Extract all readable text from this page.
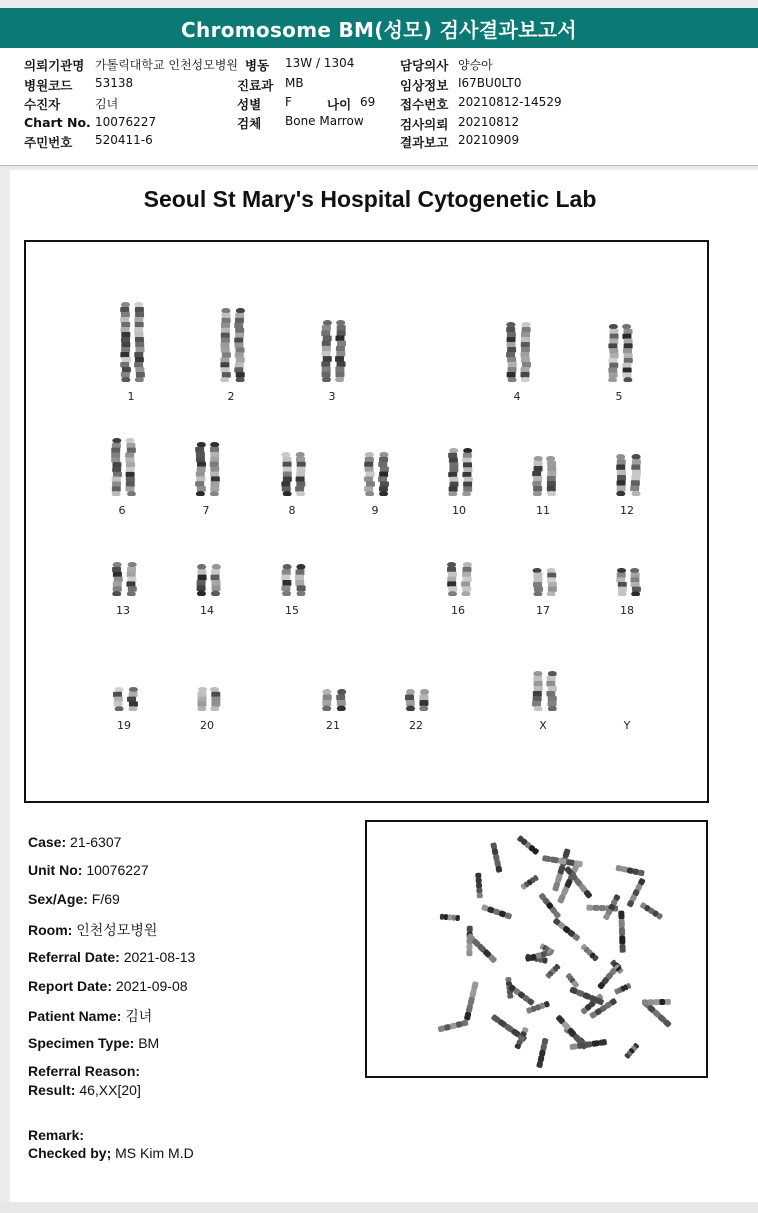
Chromosome BM(성모) 검사결과보고서
의뢰기관명 가톨릭대학교 인천성모병원
병원코드 53138
수진자	김녀
Chart No. 10076227
주민번호 520411-6
병동 13W / 1304
진료과 MB
성별 F	나이 69
검체 Bone Marrow
담당의사 양승아
임상정보 I67BU0LT0
접수번호 20210812-14529
검사의뢰 20210812
결과보고 20210909
Seoul St Mary's Hospital Cytogenetic Lab
1	2	3	4	5
6	7	8	9	10	11	12
13	14	15	16	17	18
19	20	21	22	X	Y
Case: 21-6307
Unit No: 10076227
Sex/Age: F/69
Room: 인천성모병원
Referral Date: 2021-08-13
Report Date: 2021-09-08
Patient Name: 김녀
Specimen Type: BM
Referral Reason:
Result: 46,XX[20]
Remark:
Checked by; MS Kim M.D
